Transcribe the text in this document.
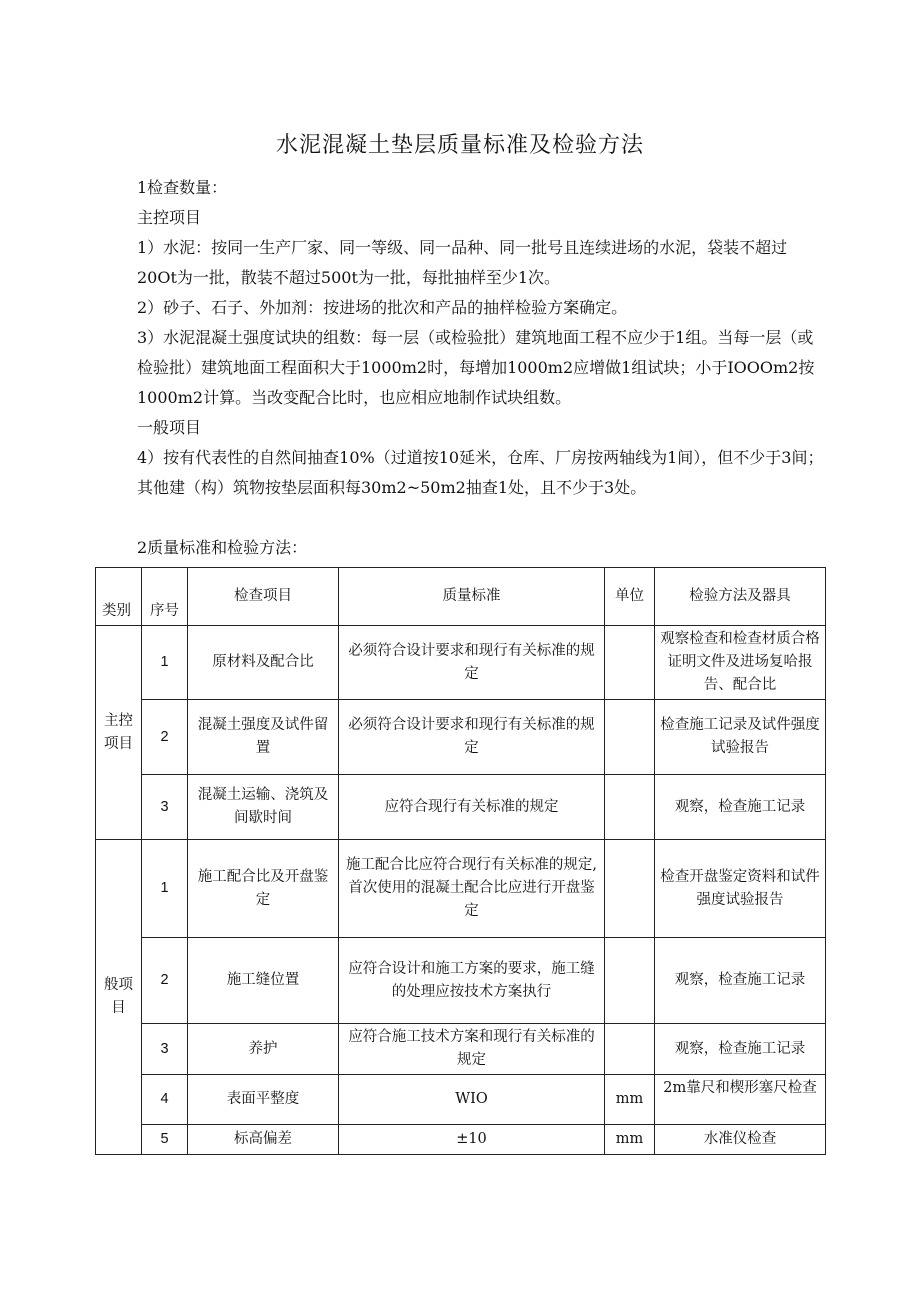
水泥混凝土垫层质量标准及检验方法
1检查数量：
主控项目
1）水泥：按同一生产厂家、同一等级、同一品种、同一批号且连续进场的水泥，袋装不超过20Ot为一批，散装不超过500t为一批，每批抽样至少1次。
2）砂子、石子、外加剂：按进场的批次和产品的抽样检验方案确定。
3）水泥混凝土强度试块的组数：每一层（或检验批）建筑地面工程不应少于1组。当每一层（或检验批）建筑地面工程面积大于1000m2时，每增加1000m2应增做1组试块；小于IOOOm2按1000m2计算。当改变配合比时，也应相应地制作试块组数。
一般项目
4）按有代表性的自然间抽查10%（过道按10延米，仓库、厂房按两轴线为1间），但不少于3间；其他建（构）筑物按垫层面积每30m2~50m2抽查1处，且不少于3处。
2质量标准和检验方法：
类别	序号	检查项目	质量标准	单位	检验方法及器具
主控项目	1	原材料及配合比	必须符合设计要求和现行有关标准的规定		观察检查和检查材质合格证明文件及进场复哈报告、配合比
	2	混凝土强度及试件留置	必须符合设计要求和现行有关标准的规定		检查施工记录及试件强度试验报告
	3	混凝土运输、浇筑及间歇时间	应符合现行有关标准的规定		观察，检查施工记录
般项目	1	施工配合比及开盘鉴定	施工配合比应符合现行有关标准的规定,首次使用的混凝土配合比应进行开盘鉴定		检查开盘鉴定资料和试件强度试验报告
	2	施工缝位置	应符合设计和施工方案的要求，施工缝的处理应按技术方案执行		观察，检查施工记录
	3	养护	应符合施工技术方案和现行有关标准的规定		观察，检查施工记录
	4	表面平整度	WIO	mm	2m靠尺和楔形塞尺检查
	5	标高偏差	±10	mm	水准仪检查
